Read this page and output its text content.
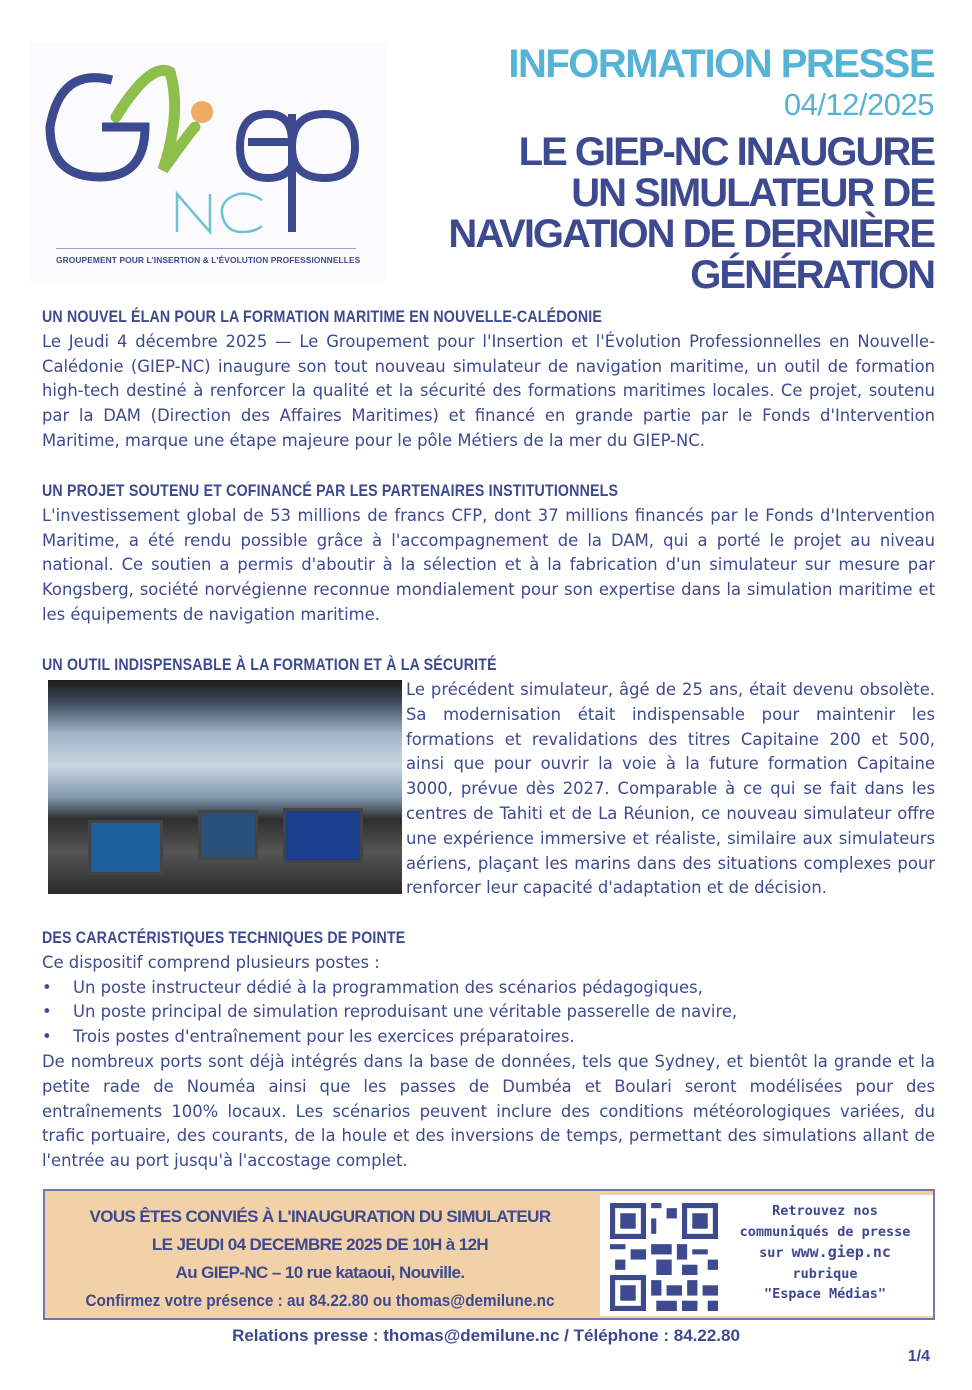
GROUPEMENT POUR L'INSERTION & L'ÉVOLUTION PROFESSIONNELLES
INFORMATION PRESSE
04/12/2025
LE GIEP-NC INAUGURE
UN SIMULATEUR DE
NAVIGATION DE DERNIÈRE
GÉNÉRATION
UN NOUVEL ÉLAN POUR LA FORMATION MARITIME EN NOUVELLE-CALÉDONIE

Le Jeudi 4 décembre 2025 — Le Groupement pour l'Insertion et l'Évolution Professionnelles en Nouvelle-Calédonie (GIEP-NC) inaugure son tout nouveau simulateur de navigation maritime, un outil de formation high-tech destiné à renforcer la qualité et la sécurité des formations maritimes locales. Ce projet, soutenu par la DAM (Direction des Affaires Maritimes) et financé en grande partie par le Fonds d'Intervention Maritime, marque une étape majeure pour le pôle Métiers de la mer du GIEP-NC.

UN PROJET SOUTENU ET COFINANCÉ PAR LES PARTENAIRES INSTITUTIONNELS

L'investissement global de 53 millions de francs CFP, dont 37 millions financés par le Fonds d'Intervention Maritime, a été rendu possible grâce à l'accompagnement de la DAM, qui a porté le projet au niveau national. Ce soutien a permis d'aboutir à la sélection et à la fabrication d'un simulateur sur mesure par Kongsberg, société norvégienne reconnue mondialement pour son expertise dans la simulation maritime et les équipements de navigation maritime.

UN OUTIL INDISPENSABLE À LA FORMATION ET À LA SÉCURITÉ

Le précédent simulateur, âgé de 25 ans, était devenu obsolète. Sa modernisation était indispensable pour maintenir les formations et revalidations des titres Capitaine 200 et 500, ainsi que pour ouvrir la voie à la future formation Capitaine 3000, prévue dès 2027. Comparable à ce qui se fait dans les centres de Tahiti et de La Réunion, ce nouveau simulateur offre une expérience immersive et réaliste, similaire aux simulateurs aériens, plaçant les marins dans des situations complexes pour renforcer leur capacité d'adaptation et de décision.

DES CARACTÉRISTIQUES TECHNIQUES DE POINTE

Ce dispositif comprend plusieurs postes :

• Un poste instructeur dédié à la programmation des scénarios pédagogiques,
• Un poste principal de simulation reproduisant une véritable passerelle de navire,
• Trois postes d'entraînement pour les exercices préparatoires.

De nombreux ports sont déjà intégrés dans la base de données, tels que Sydney, et bientôt la grande et la petite rade de Nouméa ainsi que les passes de Dumbéa et Boulari seront modélisées pour des entraînements 100% locaux. Les scénarios peuvent inclure des conditions météorologiques variées, du trafic portuaire, des courants, de la houle et des inversions de temps, permettant des simulations allant de l'entrée au port jusqu'à l'accostage complet.

VOUS ÊTES CONVIÉS À L'INAUGURATION DU SIMULATEUR
LE JEUDI 04 DECEMBRE 2025 DE 10H à 12H
Au GIEP-NC – 10 rue kataoui, Nouville.
Confirmez votre présence : au 84.22.80 ou thomas@demilune.nc
Retrouvez nos
communiqués de presse
sur www.giep.nc
rubrique
"Espace Médias"
Relations presse : thomas@demilune.nc / Téléphone : 84.22.80
1/4
